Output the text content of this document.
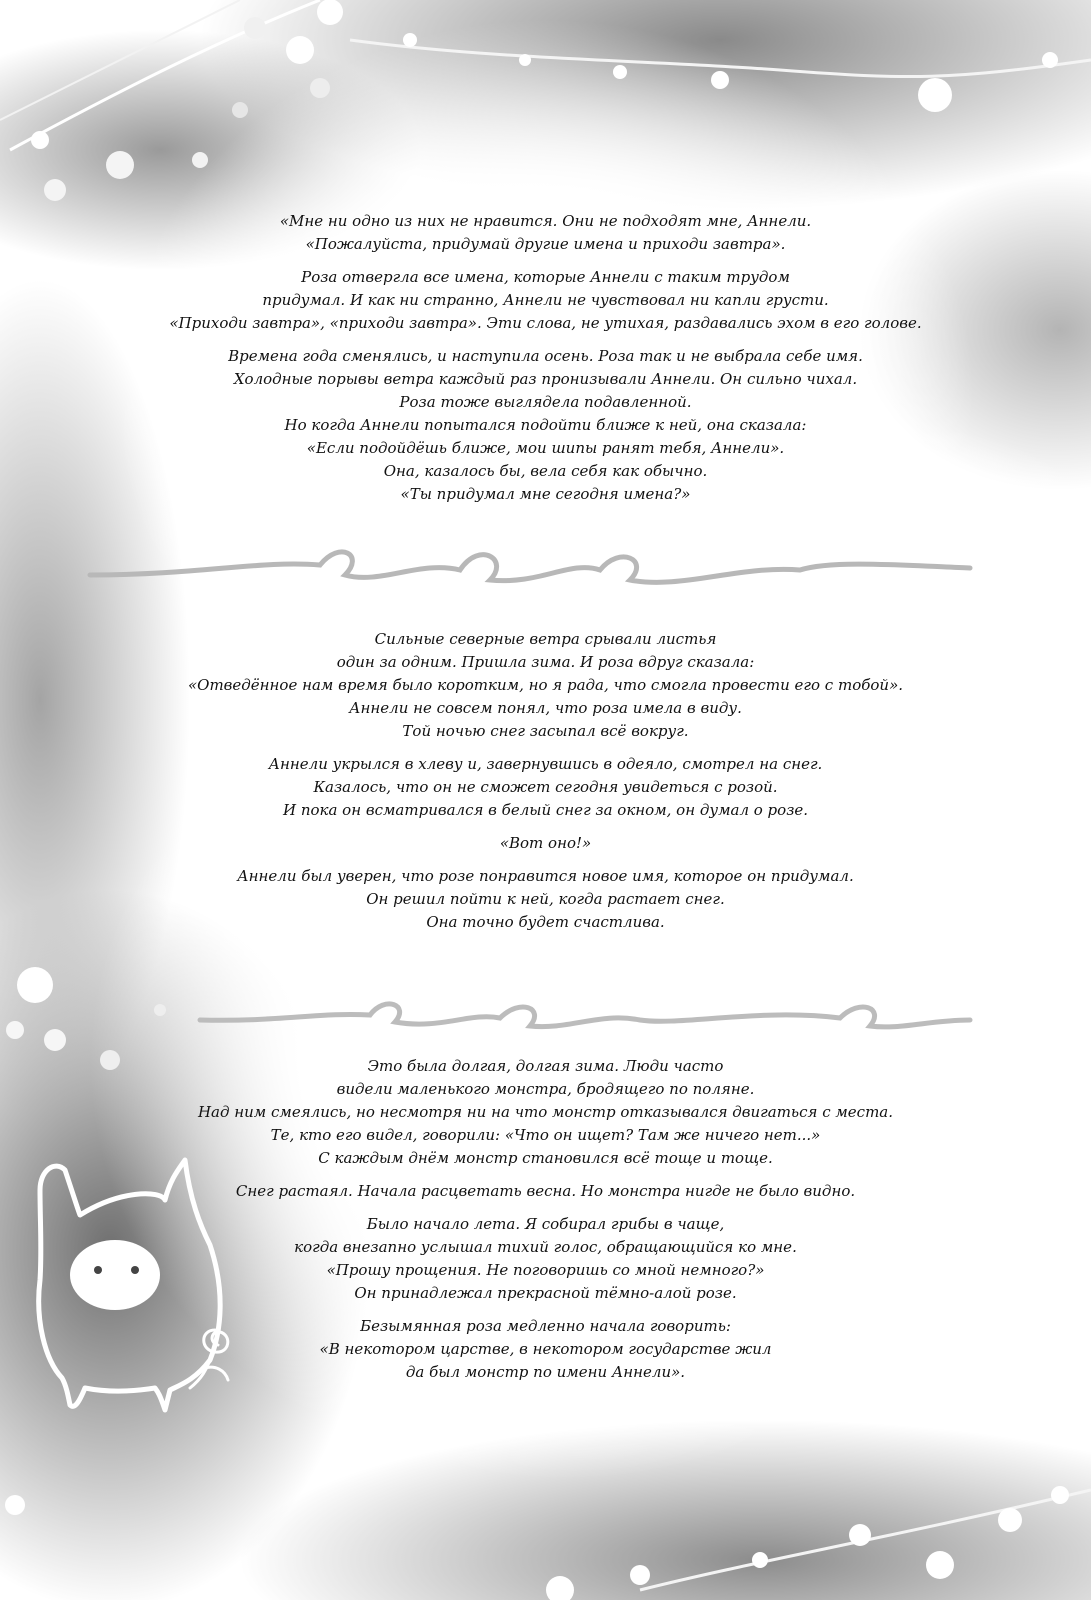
«Мне ни одно из них не нравится. Они не подходят мне, Аннели.
«Пожалуйста, придумай другие имена и приходи завтра».

Роза отвергла все имена, которые Аннели с таким трудом
придумал. И как ни странно, Аннели не чувствовал ни капли грусти.
«Приходи завтра», «приходи завтра». Эти слова, не утихая, раздавались эхом в его голове.

Времена года сменялись, и наступила осень. Роза так и не выбрала себе имя.
Холодные порывы ветра каждый раз пронизывали Аннели. Он сильно чихал.
Роза тоже выглядела подавленной.
Но когда Аннели попытался подойти ближе к ней, она сказала:
«Если подойдёшь ближе, мои шипы ранят тебя, Аннели».
Она, казалось бы, вела себя как обычно.
«Ты придумал мне сегодня имена?»

Сильные северные ветра срывали листья
один за одним. Пришла зима. И роза вдруг сказала:
«Отведённое нам время было коротким, но я рада, что смогла провести его с тобой».
Аннели не совсем понял, что роза имела в виду.
Той ночью снег засыпал всё вокруг.

Аннели укрылся в хлеву и, завернувшись в одеяло, смотрел на снег.
Казалось, что он не сможет сегодня увидеться с розой.
И пока он всматривался в белый снег за окном, он думал о розе.

«Вот оно!»

Аннели был уверен, что розе понравится новое имя, которое он придумал.
Он решил пойти к ней, когда растает снег.
Она точно будет счастлива.

Это была долгая, долгая зима. Люди часто
видели маленького монстра, бродящего по поляне.
Над ним смеялись, но несмотря ни на что монстр отказывался двигаться с места.
Те, кто его видел, говорили: «Что он ищет? Там же ничего нет...»
С каждым днём монстр становился всё тоще и тоще.

Снег растаял. Начала расцветать весна. Но монстра нигде не было видно.

Было начало лета. Я собирал грибы в чаще,
когда внезапно услышал тихий голос, обращающийся ко мне.
«Прошу прощения. Не поговоришь со мной немного?»
Он принадлежал прекрасной тёмно-алой розе.

Безымянная роза медленно начала говорить:
«В некотором царстве, в некотором государстве жил
да был монстр по имени Аннели».
